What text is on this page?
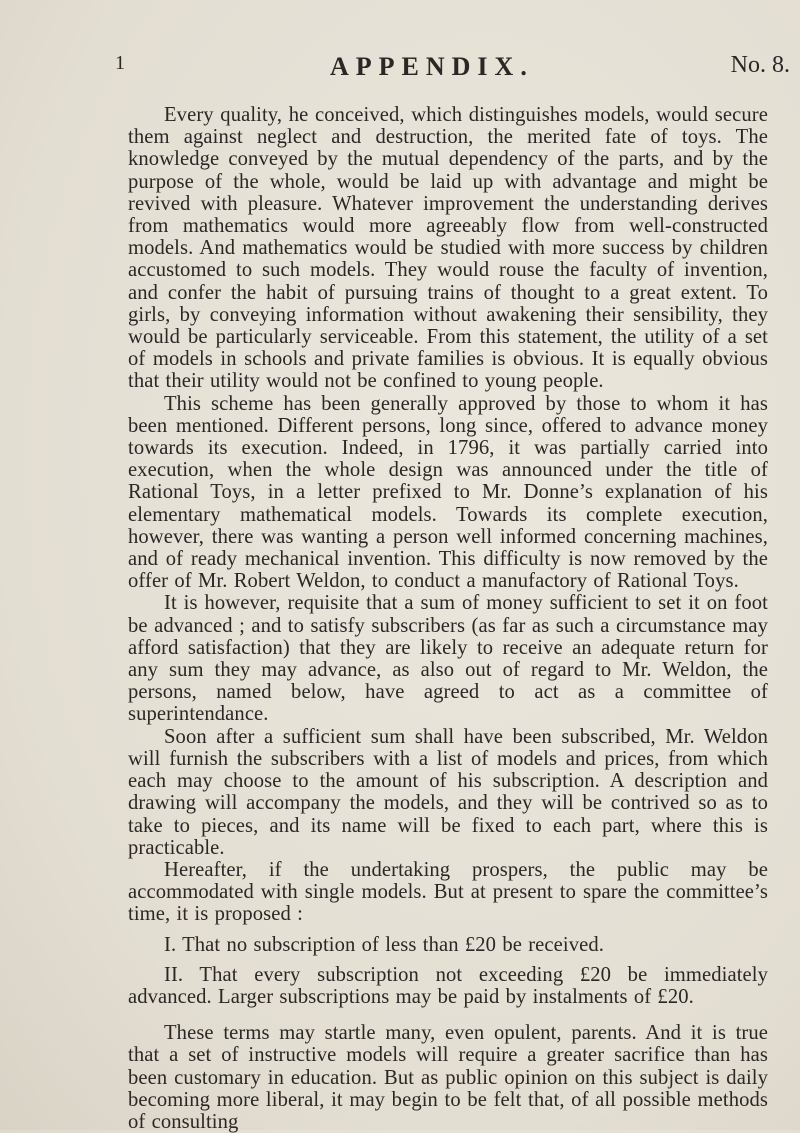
1	APPENDIX.	No. 8.

Every quality, he conceived, which distinguishes models, would secure them against neglect and destruction, the merited fate of toys. The knowledge conveyed by the mutual dependency of the parts, and by the purpose of the whole, would be laid up with advantage and might be revived with pleasure. Whatever improvement the understanding derives from mathematics would more agreeably flow from well-constructed models. And mathematics would be studied with more success by children accustomed to such models. They would rouse the faculty of invention, and confer the habit of pursuing trains of thought to a great extent. To girls, by conveying information without awakening their sensibility, they would be particularly serviceable. From this statement, the utility of a set of models in schools and private families is obvious. It is equally obvious that their utility would not be confined to young people.

This scheme has been generally approved by those to whom it has been mentioned. Different persons, long since, offered to advance money towards its execution. Indeed, in 1796, it was partially carried into execution, when the whole design was announced under the title of Rational Toys, in a letter prefixed to Mr. Donne’s explanation of his elementary mathematical models. Towards its complete execution, however, there was wanting a person well informed concerning machines, and of ready mechanical invention. This difficulty is now removed by the offer of Mr. Robert Weldon, to conduct a manufactory of Rational Toys.

It is however, requisite that a sum of money sufficient to set it on foot be advanced ; and to satisfy subscribers (as far as such a circumstance may afford satisfaction) that they are likely to receive an adequate return for any sum they may advance, as also out of regard to Mr. Weldon, the persons, named below, have agreed to act as a committee of superintendance.

Soon after a sufficient sum shall have been subscribed, Mr. Weldon will furnish the subscribers with a list of models and prices, from which each may choose to the amount of his subscription. A description and drawing will accompany the models, and they will be contrived so as to take to pieces, and its name will be fixed to each part, where this is practicable.

Hereafter, if the undertaking prospers, the public may be accommodated with single models. But at present to spare the committee’s time, it is proposed :

I. That no subscription of less than £20 be received.

II. That every subscription not exceeding £20 be immediately advanced. Larger subscriptions may be paid by instalments of £20.

These terms may startle many, even opulent, parents. And it is true that a set of instructive models will require a greater sacrifice than has been customary in education. But as public opinion on this subject is daily becoming more liberal, it may begin to be felt that, of all possible methods of consulting
